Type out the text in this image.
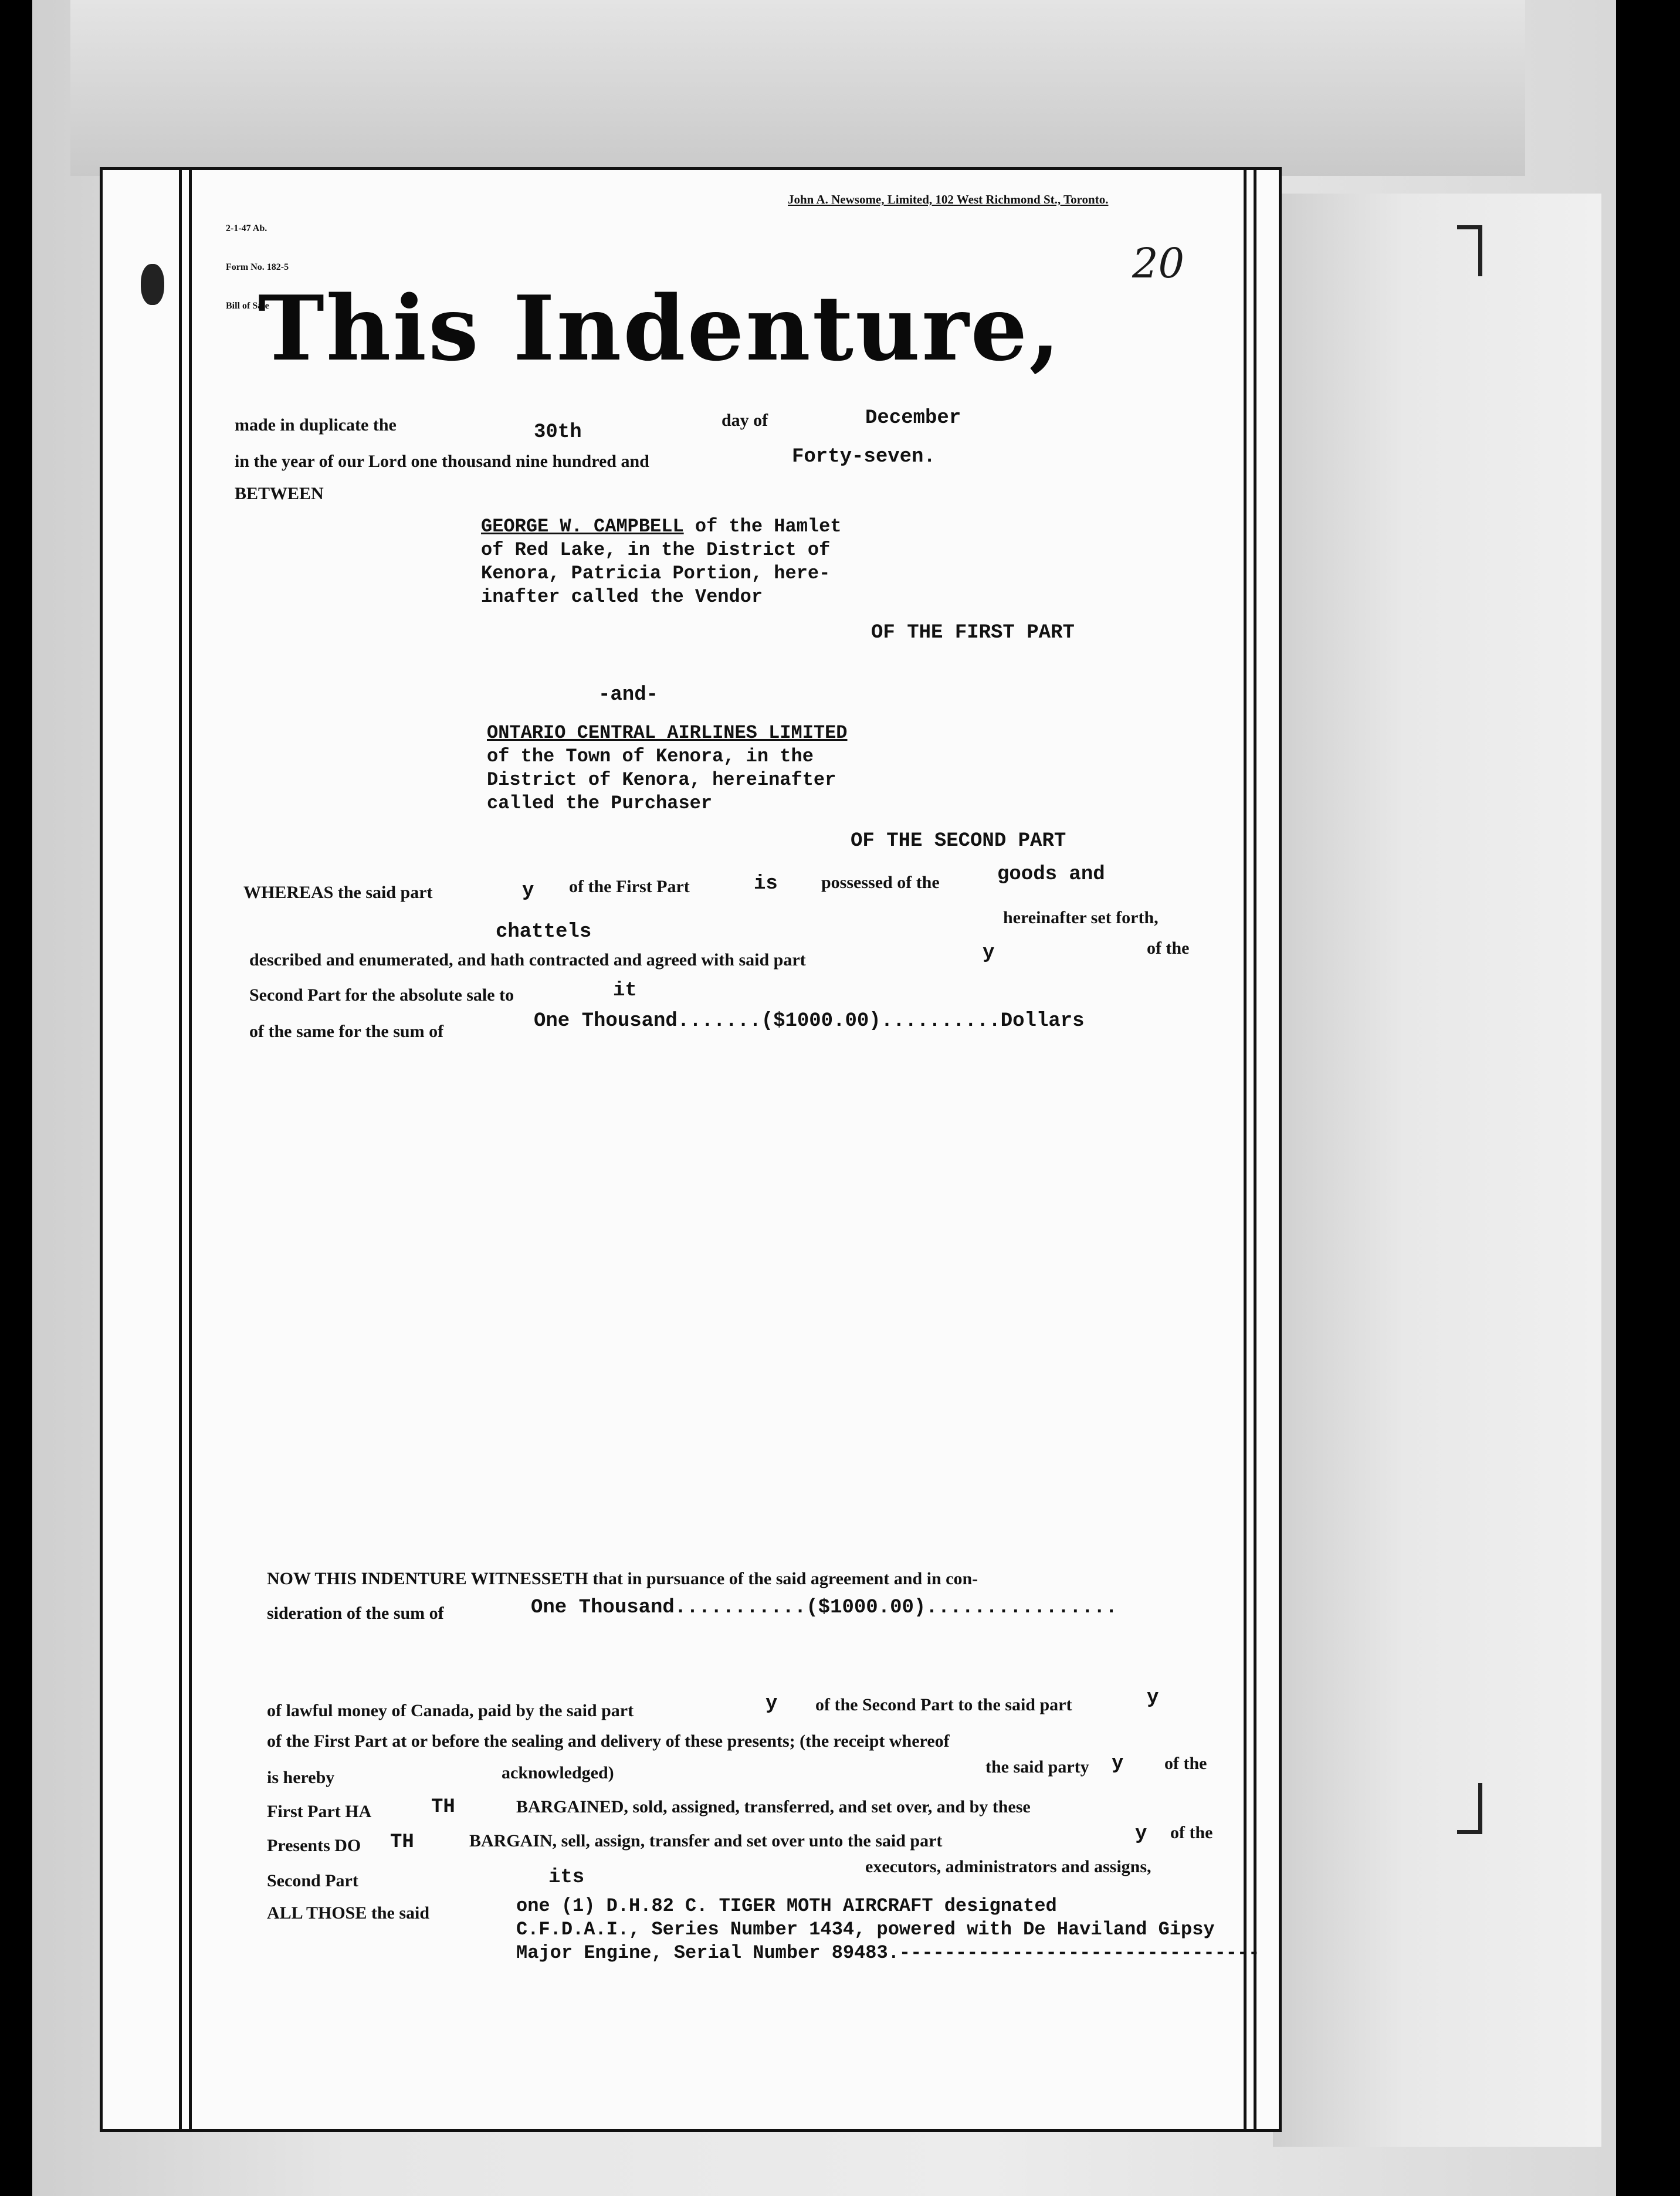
2-1-47 Ab.

Form No. 182-5

Bill of Sale

John A. Newsome, Limited, 102 West Richmond St., Toronto.
20
This Indenture,
made in duplicate the	30th
day of	December
in the year of our Lord one thousand nine hundred and	Forty-seven.
BETWEEN
GEORGE W. CAMPBELL of the Hamlet
of Red Lake, in the District of
Kenora, Patricia Portion, here-
inafter called the Vendor
OF THE FIRST PART
-and-
ONTARIO CENTRAL AIRLINES LIMITED
of the Town of Kenora, in the
District of Kenora, hereinafter
called the Purchaser
OF THE SECOND PART
WHEREAS the said part	y of the First Part	is possessed of the	goods and
chattels
hereinafter set forth,
described and enumerated, and hath contracted and agreed with said part	y	of the
Second Part for the absolute sale to	it
of the same for the sum of	One Thousand.......($1000.00)..........Dollars
NOW THIS INDENTURE WITNESSETH that in pursuance of the said agreement and in con-
sideration of the sum of	One Thousand...........($1000.00)................
of lawful money of Canada, paid by the said part	y of the Second Part to the said part	y
of the First Part at or before the sealing and delivery of these presents; (the receipt whereof
is hereby	acknowledged)	the said party y of the
First Part HA	TH	BARGAINED, sold, assigned, transferred, and set over, and by these
Presents DO TH	BARGAIN, sell, assign, transfer and set over unto the said part	y of the
Second Part	its	executors, administrators and assigns,
ALL THOSE the said	one (1) D.H.82 C. TIGER MOTH AIRCRAFT designated
C.F.D.A.I., Series Number 1434, powered with De Haviland Gipsy
Major Engine, Serial Number 89483.--------------------------------
